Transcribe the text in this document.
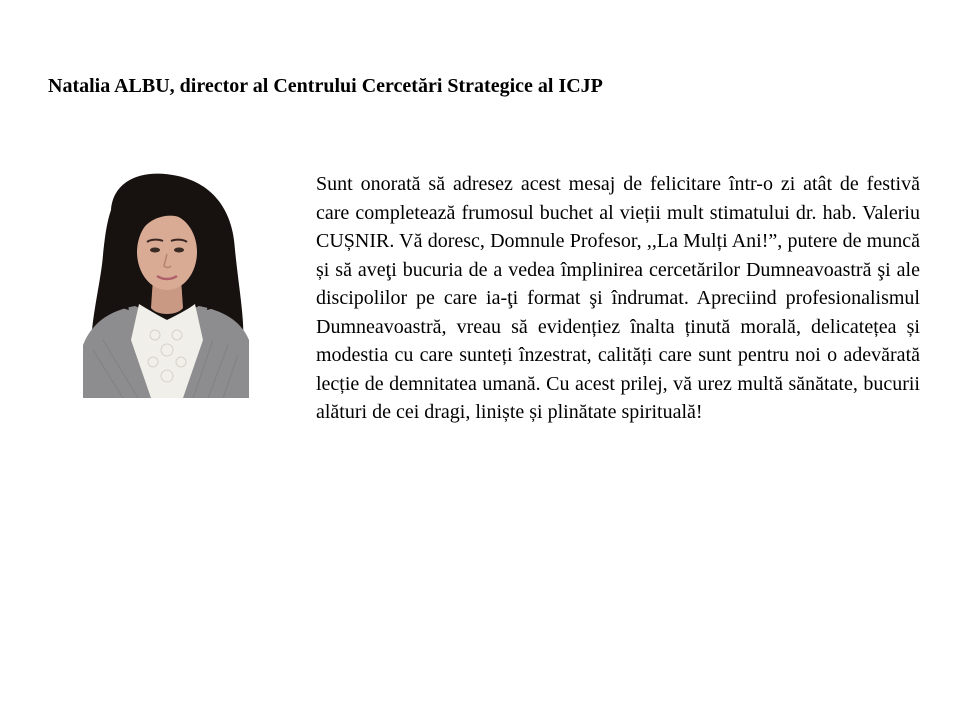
Natalia ALBU, director al Centrului Cercetări Strategice al ICJP

Sunt onorată să adresez acest mesaj de felicitare într-o zi atât de festivă care completează frumosul buchet al vieții mult stimatului dr. hab. Valeriu CUȘNIR. Vă doresc, Domnule Profesor, ,,La Mulți Ani!”, putere de muncă și să aveţi bucuria de a vedea împlinirea cercetărilor Dumneavoastră şi ale discipolilor pe care ia-ţi format şi îndrumat. Apreciind profesionalismul Dumneavoastră, vreau să evidențiez înalta ținută morală, delicatețea și modestia cu care sunteți înzestrat, calități care sunt pentru noi o adevărată lecție de demnitatea umană. Cu acest prilej, vă urez multă sănătate, bucurii alături de cei dragi, liniște și plinătate spirituală!
